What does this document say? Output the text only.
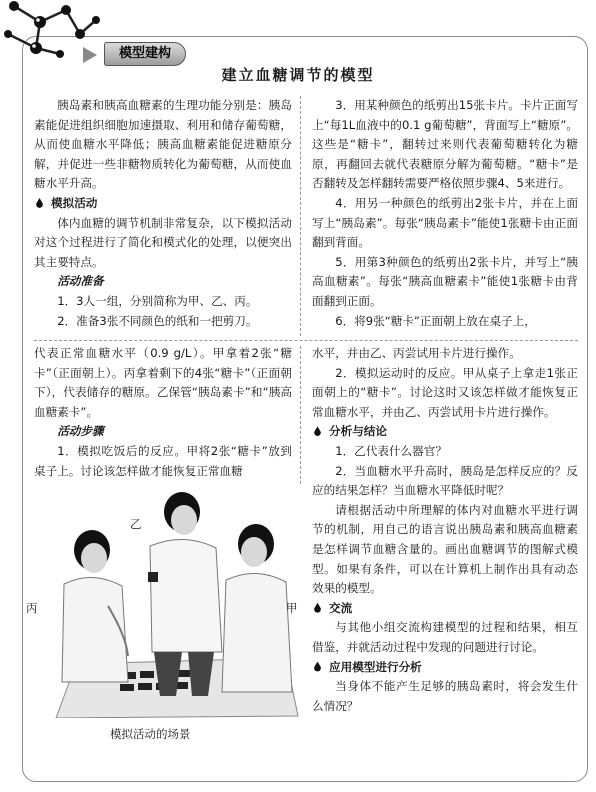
模型建构
建立血糖调节的模型

胰岛素和胰高血糖素的生理功能分别是：胰岛素能促进组织细胞加速摄取、利用和储存葡萄糖，从而使血糖水平降低；胰高血糖素能促进糖原分解，并促进一些非糖物质转化为葡萄糖，从而使血糖水平升高。

模拟活动

体内血糖的调节机制非常复杂，以下模拟活动对这个过程进行了简化和模式化的处理，以便突出其主要特点。

活动准备

1．3人一组，分别简称为甲、乙、丙。

2．准备3张不同颜色的纸和一把剪刀。

3．用某种颜色的纸剪出15张卡片。卡片正面写上“每1L血液中的0.1 g葡萄糖”，背面写上“糖原”。这些是“糖卡”，翻转过来则代表葡萄糖转化为糖原，再翻回去就代表糖原分解为葡萄糖。“糖卡”是否翻转及怎样翻转需要严格依照步骤4、5来进行。

4．用另一种颜色的纸剪出2张卡片，并在上面写上“胰岛素”。每张“胰岛素卡”能使1张糖卡由正面翻到背面。

5．用第3种颜色的纸剪出2张卡片，并写上“胰高血糖素”。每张“胰高血糖素卡”能使1张糖卡由背面翻到正面。

6．将9张“糖卡”正面朝上放在桌子上，

代表正常血糖水平（0.9 g/L）。甲拿着2张“糖卡”（正面朝上）。丙拿着剩下的4张“糖卡”（正面朝下），代表储存的糖原。乙保管“胰岛素卡”和“胰高血糖素卡”。

活动步骤

1．模拟吃饭后的反应。甲将2张“糖卡”放到桌子上。讨论该怎样做才能恢复正常血糖

水平，并由乙、丙尝试用卡片进行操作。

2．模拟运动时的反应。甲从桌子上拿走1张正面朝上的“糖卡”。讨论这时又该怎样做才能恢复正常血糖水平，并由乙、丙尝试用卡片进行操作。

分析与结论

1．乙代表什么器官？

2．当血糖水平升高时，胰岛是怎样反应的？反应的结果怎样？当血糖水平降低时呢？

请根据活动中所理解的体内对血糖水平进行调节的机制，用自己的语言说出胰岛素和胰高血糖素是怎样调节血糖含量的。画出血糖调节的图解式模型。如果有条件，可以在计算机上制作出具有动态效果的模型。

交流

与其他小组交流构建模型的过程和结果，相互借鉴，并就活动过程中发现的问题进行讨论。

应用模型进行分析

当身体不能产生足够的胰岛素时，将会发生什么情况？

丙
乙
甲
模拟活动的场景
